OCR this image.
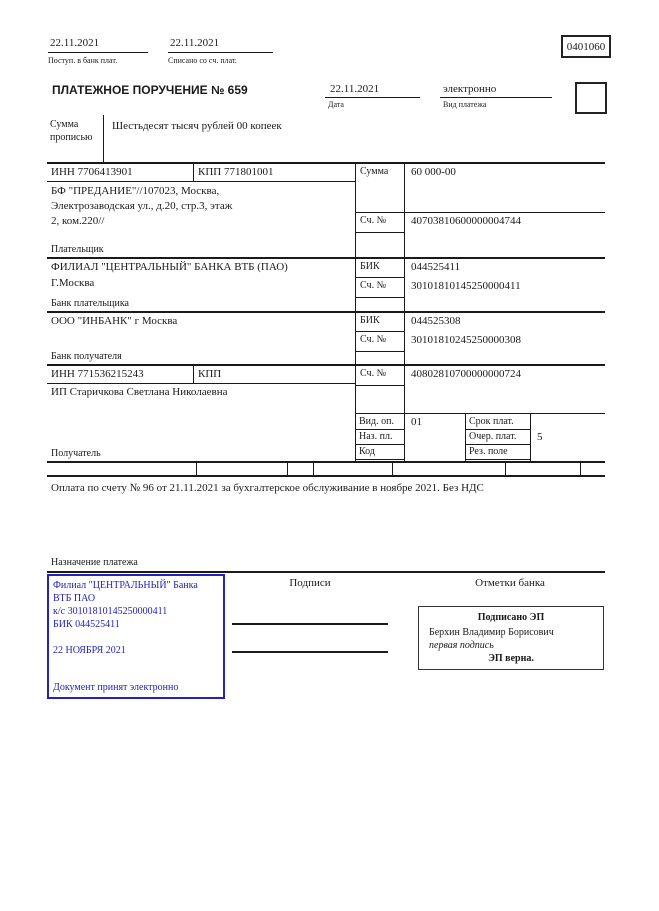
22.11.2021
Поступ. в банк плат.
22.11.2021
Списано со сч. плат.
0401060
ПЛАТЕЖНОЕ ПОРУЧЕНИЕ № 659	22.11.2021
Дата
электронно
Вид платежа
Сумма
прописью
Шестьдесят тысяч рублей 00 копеек
ИНН 7706413901	КПП 771801001	Сумма 60 000-00
БФ "ПРЕДАНИЕ"//107023, Москва,
Электрозаводская ул., д.20, стр.3, этаж
2, ком.220//	Сч. № 40703810600000004744
Плательщик
ФИЛИАЛ "ЦЕНТРАЛЬНЫЙ" БАНКА ВТБ (ПАО)
Г.Москва
БИК	044525411
Сч. № 30101810145250000411
Банк плательщика
ООО "ИНБАНК" г Москва	БИК	044525308
Сч. № 30101810245250000308
Банк получателя
ИНН 771536215243	КПП	Сч. № 40802810700000000724
ИП Старичкова Светлана Николаевна
Вид. оп. 01	Срок плат.
Наз. пл.	Очер. плат. 5
Код	Рез. поле
Получатель
Оплата по счету № 96 от 21.11.2021 за бухгалтерское обслуживание в ноябре 2021. Без НДС
Назначение платежа
Подписи	Отметки банка
Филиал "ЦЕНТРАЛЬНЫЙ" Банка
ВТБ ПАО
к/с 30101810145250000411
БИК 044525411
22 НОЯБРЯ 2021
Документ принят электронно
Подписано ЭП
Берхин Владимир Борисович
первая подпись
ЭП верна.
